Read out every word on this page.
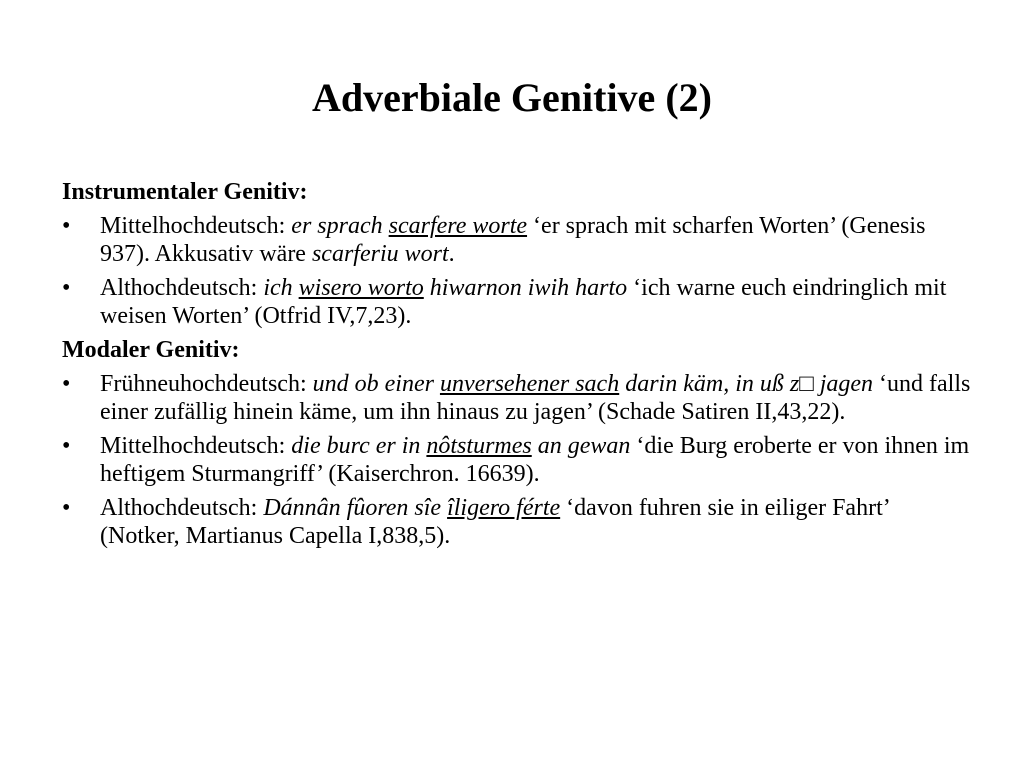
Adverbiale Genitive (2)
Instrumentaler Genitiv:
• Mittelhochdeutsch: er sprach scarfere worte ‘er sprach mit scharfen Worten’ (Genesis 937). Akkusativ wäre scarferiu wort.
• Althochdeutsch: ich wisero worto hiwarnon iwih harto ‘ich warne euch eindringlich mit weisen Worten’ (Otfrid IV,7,23).
Modaler Genitiv:
• Frühneuhochdeutsch: und ob einer unversehener sach darin käm, in uß z□ jagen ‘und falls einer zufällig hinein käme, um ihn hinaus zu jagen’ (Schade Satiren II,43,22).
• Mittelhochdeutsch: die burc er in nôtsturmes an gewan ‘die Burg eroberte er von ihnen im heftigem Sturmangriff’ (Kaiserchron. 16639).
• Althochdeutsch: Dánnân fûoren sîe îligero férte ‘davon fuhren sie in eiliger Fahrt’ (Notker, Martianus Capella I,838,5).
